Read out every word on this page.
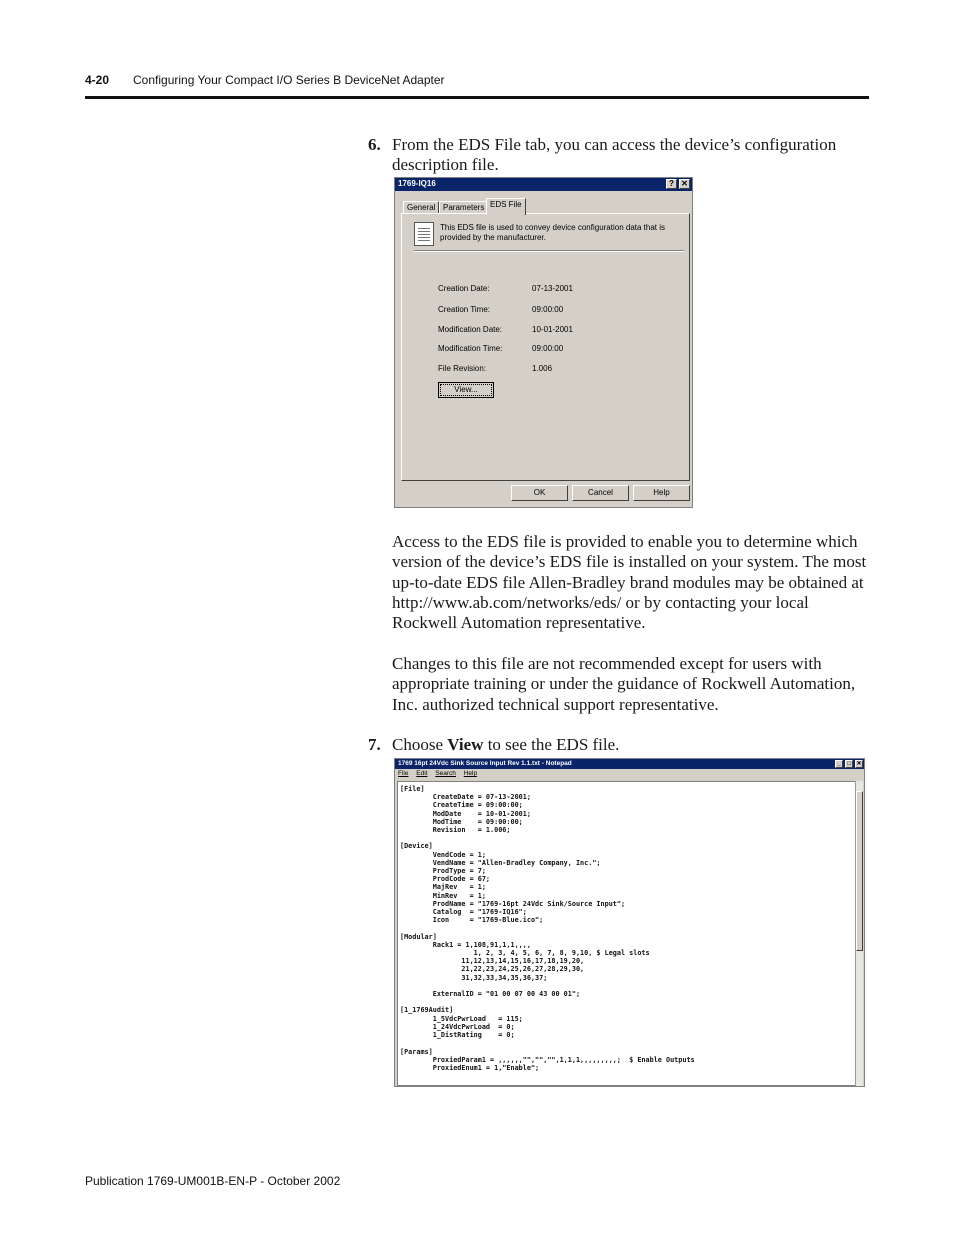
4-20 Configuring Your Compact I/O Series B DeviceNet Adapter
6. From the EDS File tab, you can access the device’s configuration description file.
1769-IQ16	? ✕
General Parameters EDS File
This EDS file is used to convey device configuration data that is provided by the manufacturer.
Creation Date:	07-13-2001
Creation Time:	09:00:00
Modification Date:	10-01-2001
Modification Time:	09:00:00
File Revision:	1.006
View...
OK	Cancel	Help
Access to the EDS file is provided to enable you to determine which version of the device’s EDS file is installed on your system. The most up-to-date EDS file Allen-Bradley brand modules may be obtained at http://www.ab.com/networks/eds/ or by contacting your local Rockwell Automation representative.
Changes to this file are not recommended except for users with appropriate training or under the guidance of Rockwell Automation, Inc. authorized technical support representative.
7. Choose View to see the EDS file.
1769 16pt 24Vdc Sink Source Input Rev 1.1.txt - Notepad	_	□ ✕
File Edit Search Help
[File]
CreateDate = 07-13-2001;
CreateTime = 09:00:00;
ModDate    = 10-01-2001;
ModTime    = 09:00:00;
Revision   = 1.006;

[Device]
VendCode = 1;
VendName = "Allen-Bradley Company, Inc.";
ProdType = 7;
ProdCode = 67;
MajRev   = 1;
MinRev   = 1;
ProdName = "1769-16pt 24Vdc Sink/Source Input";
Catalog  = "1769-IQ16";
Icon     = "1769-Blue.ico";

[Modular]
Rack1 = 1,108,91,1,1,,,,
1, 2, 3, 4, 5, 6, 7, 8, 9,10, $ Legal slots
11,12,13,14,15,16,17,18,19,20,
21,22,23,24,25,26,27,28,29,30,
31,32,33,34,35,36,37;

ExternalID = "01 00 07 00 43 00 01";

[1_1769Audit]
1_5VdcPwrLoad   = 115;
1_24VdcPwrLoad  = 0;
1_DistRating    = 0;

[Params]
ProxiedParam1 = ,,,,,,"","","",1,1,1,,,,,,,,,;  $ Enable Outputs
ProxiedEnum1 = 1,"Enable";
Publication 1769-UM001B-EN-P - October 2002
